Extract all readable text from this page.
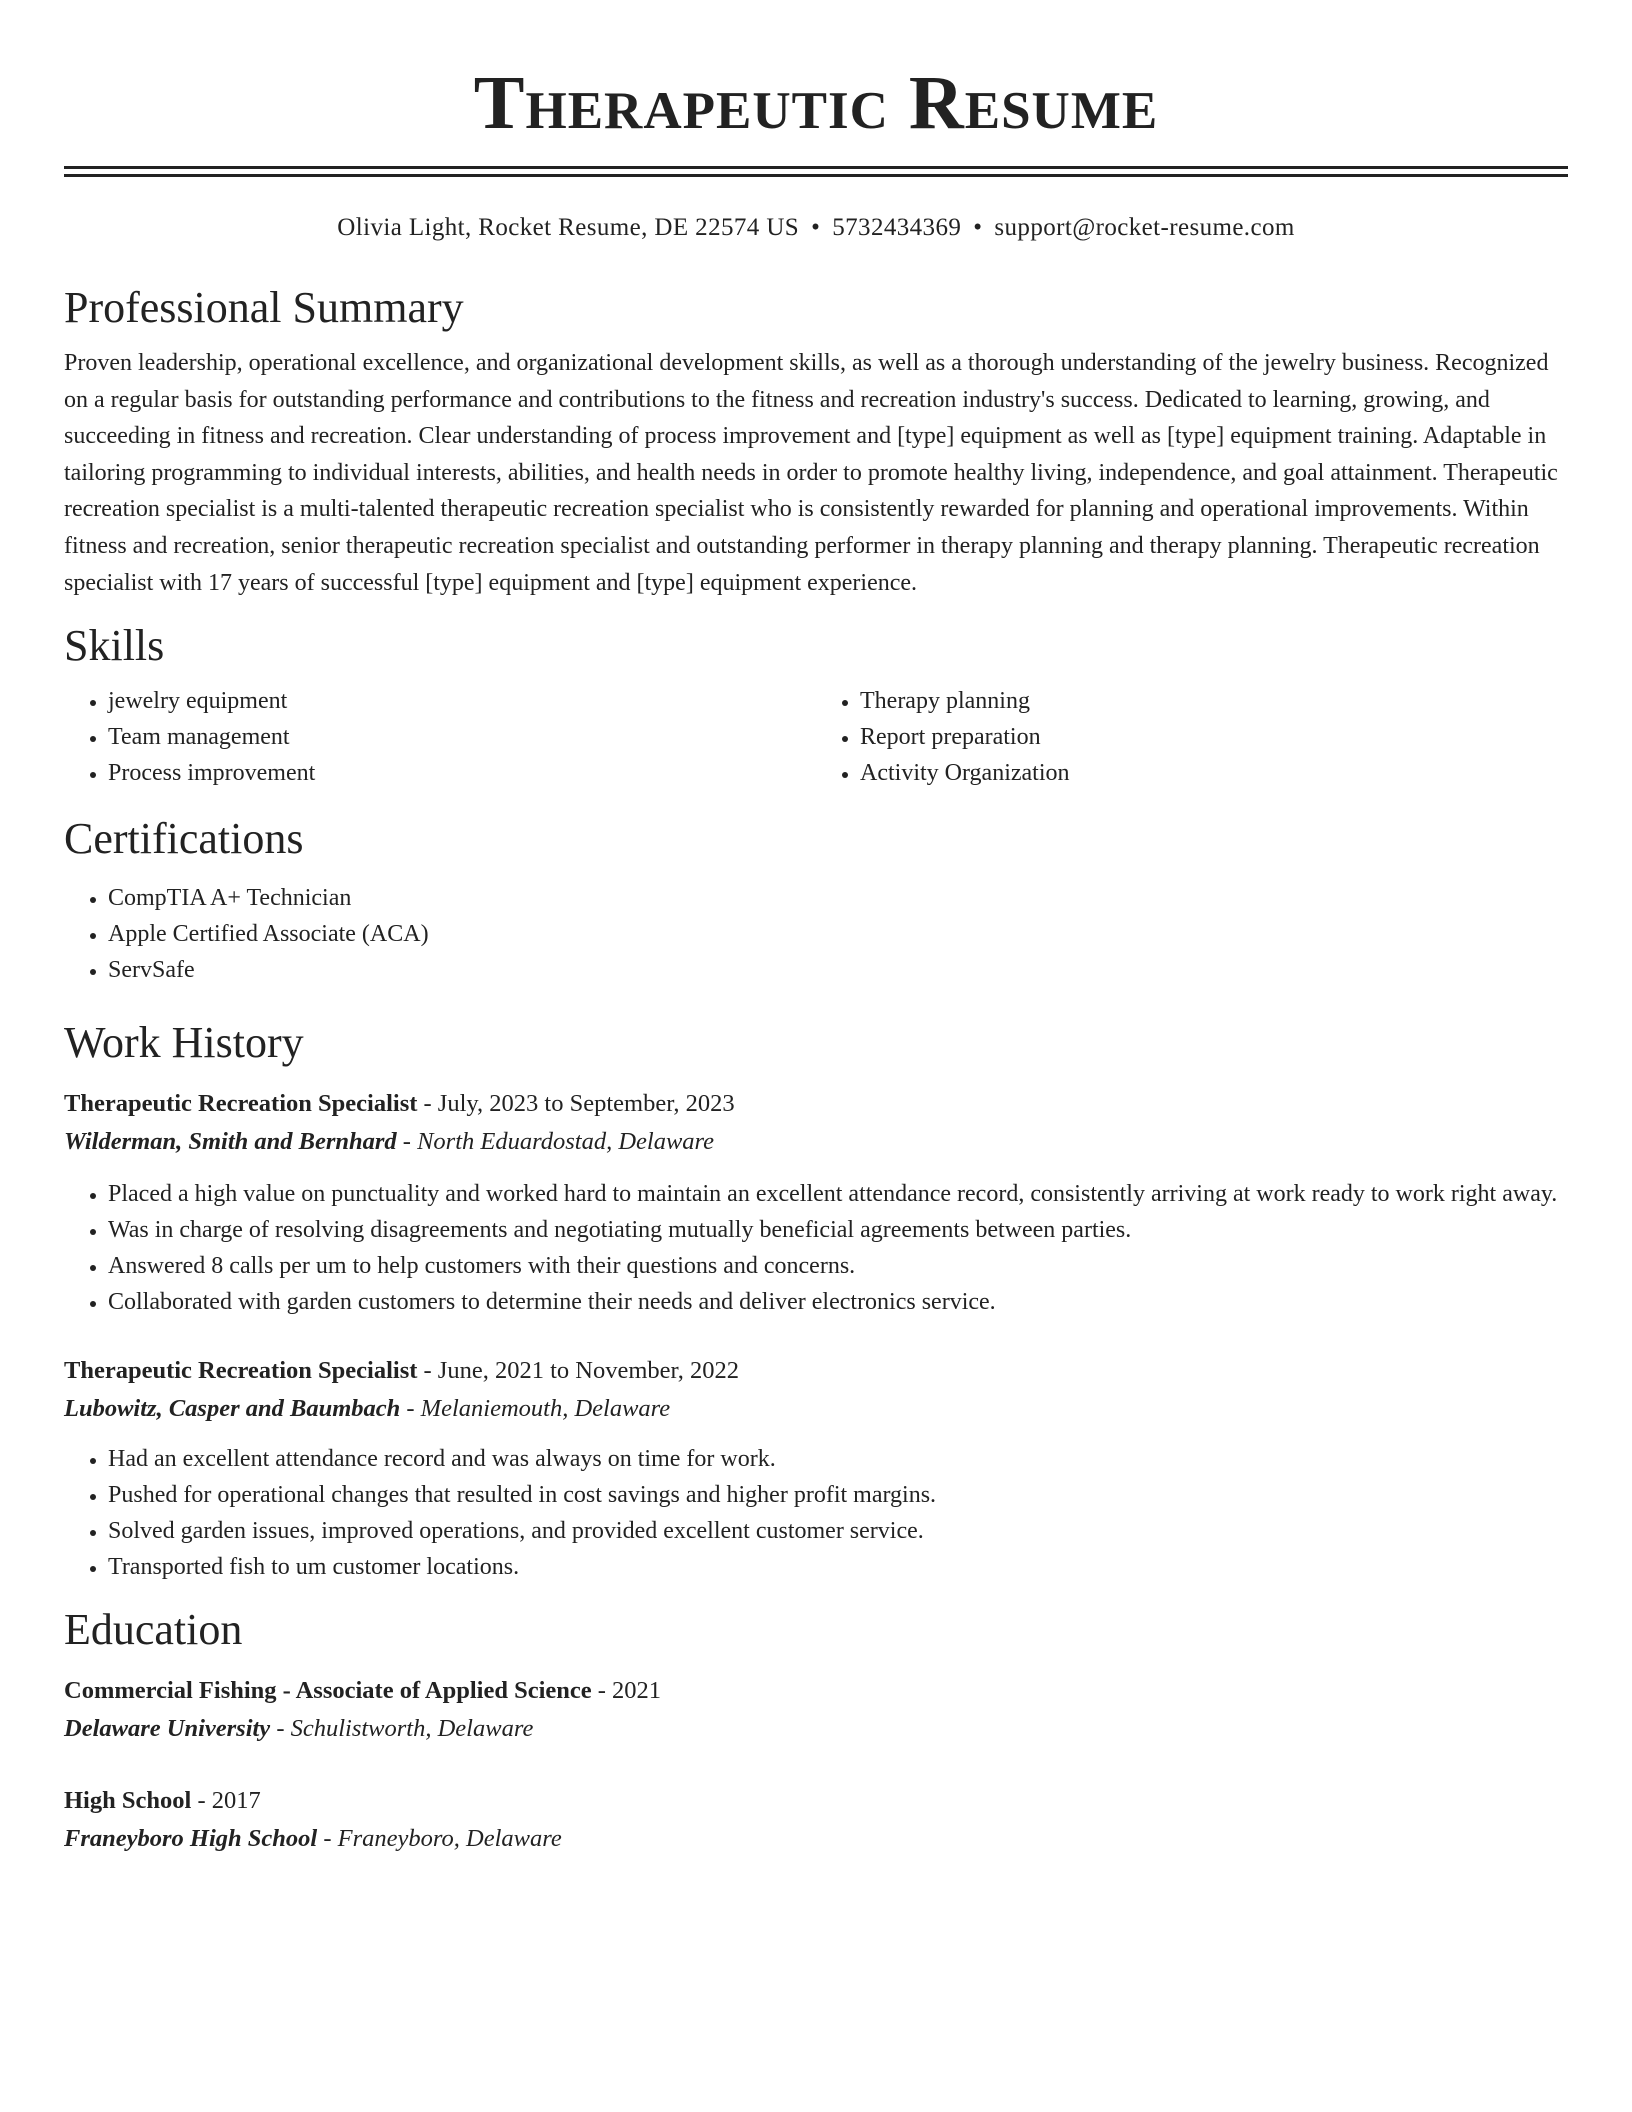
Therapeutic Resume
Olivia Light, Rocket Resume, DE 22574 US • 5732434369 • support@rocket-resume.com
Professional Summary

Proven leadership, operational excellence, and organizational development skills, as well as a thorough understanding of the jewelry business. Recognized on a regular basis for outstanding performance and contributions to the fitness and recreation industry's success. Dedicated to learning, growing, and succeeding in fitness and recreation. Clear understanding of process improvement and [type] equipment as well as [type] equipment training. Adaptable in tailoring programming to individual interests, abilities, and health needs in order to promote healthy living, independence, and goal attainment. Therapeutic recreation specialist is a multi-talented therapeutic recreation specialist who is consistently rewarded for planning and operational improvements. Within fitness and recreation, senior therapeutic recreation specialist and outstanding performer in therapy planning and therapy planning. Therapeutic recreation specialist with 17 years of successful [type] equipment and [type] equipment experience.

Skills
• jewelry equipment
• Team management
• Process improvement
• Therapy planning
• Report preparation
• Activity Organization
Certifications
• CompTIA A+ Technician
• Apple Certified Associate (ACA)
• ServSafe
Work History
Therapeutic Recreation Specialist - July, 2023 to September, 2023
Wilderman, Smith and Bernhard - North Eduardostad, Delaware
• Placed a high value on punctuality and worked hard to maintain an excellent attendance record, consistently arriving at work ready to work right away.
• Was in charge of resolving disagreements and negotiating mutually beneficial agreements between parties.
• Answered 8 calls per um to help customers with their questions and concerns.
• Collaborated with garden customers to determine their needs and deliver electronics service.
Therapeutic Recreation Specialist - June, 2021 to November, 2022
Lubowitz, Casper and Baumbach - Melaniemouth, Delaware
• Had an excellent attendance record and was always on time for work.
• Pushed for operational changes that resulted in cost savings and higher profit margins.
• Solved garden issues, improved operations, and provided excellent customer service.
• Transported fish to um customer locations.
Education
Commercial Fishing - Associate of Applied Science - 2021
Delaware University - Schulistworth, Delaware
High School - 2017
Franeyboro High School - Franeyboro, Delaware
